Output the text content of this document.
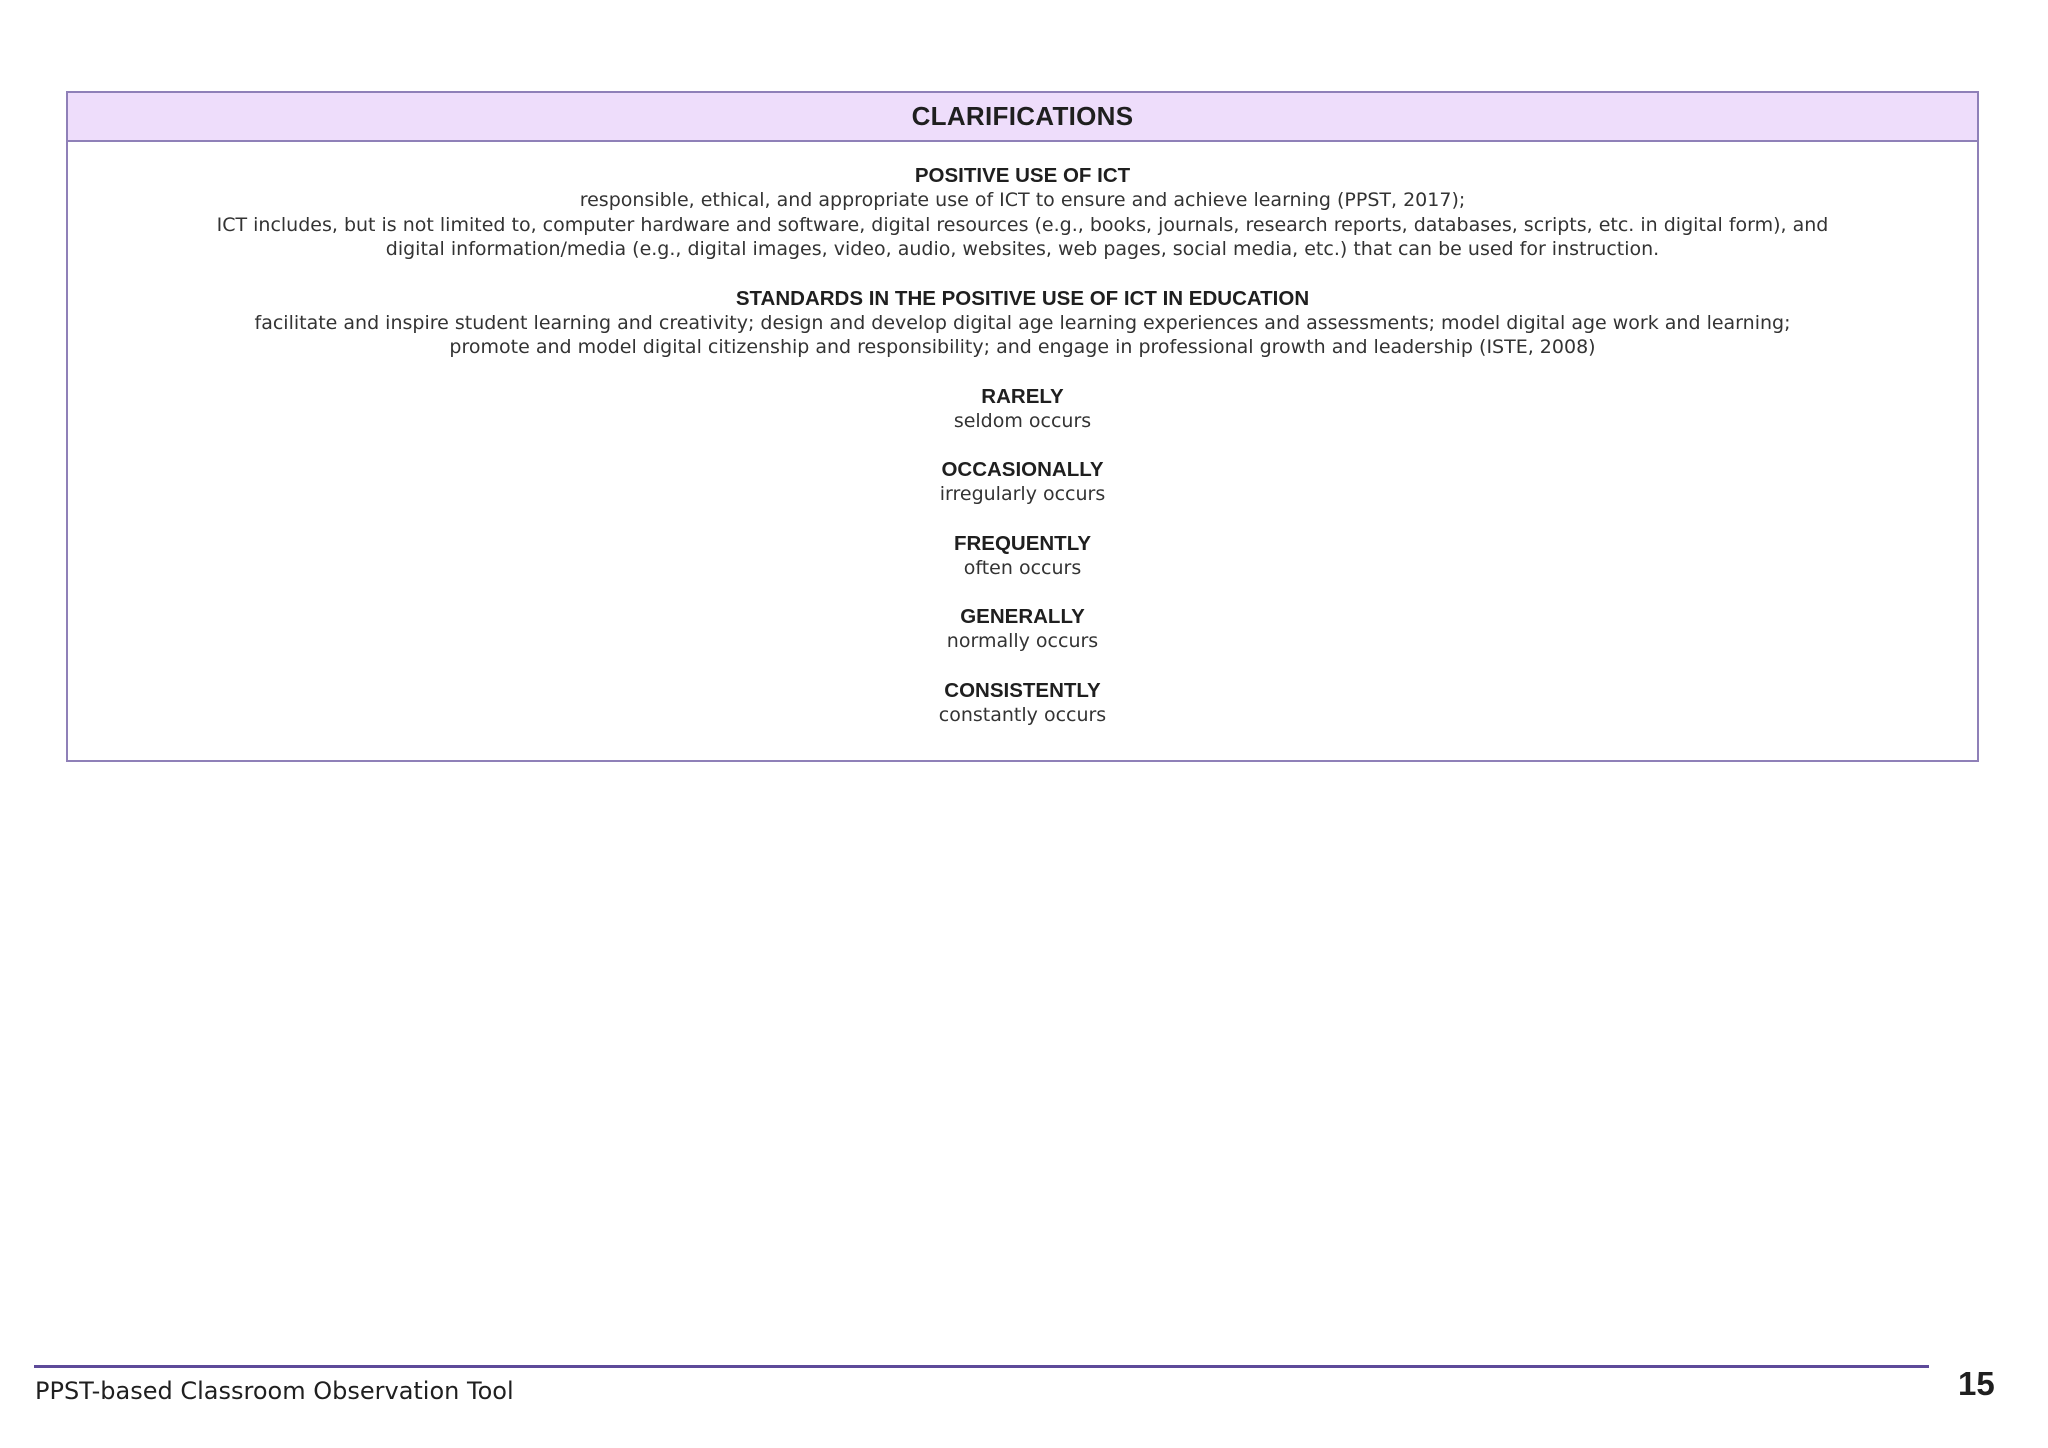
CLARIFICATIONS
POSITIVE USE OF ICT
responsible, ethical, and appropriate use of ICT to ensure and achieve learning (PPST, 2017);
ICT includes, but is not limited to, computer hardware and software, digital resources (e.g., books, journals, research reports, databases, scripts, etc. in digital form), and
digital information/media (e.g., digital images, video, audio, websites, web pages, social media, etc.) that can be used for instruction.
STANDARDS IN THE POSITIVE USE OF ICT IN EDUCATION
facilitate and inspire student learning and creativity; design and develop digital age learning experiences and assessments; model digital age work and learning;
promote and model digital citizenship and responsibility; and engage in professional growth and leadership (ISTE, 2008)
RARELY
seldom occurs
OCCASIONALLY
irregularly occurs
FREQUENTLY
often occurs
GENERALLY
normally occurs
CONSISTENTLY
constantly occurs
PPST-based Classroom Observation Tool	15
